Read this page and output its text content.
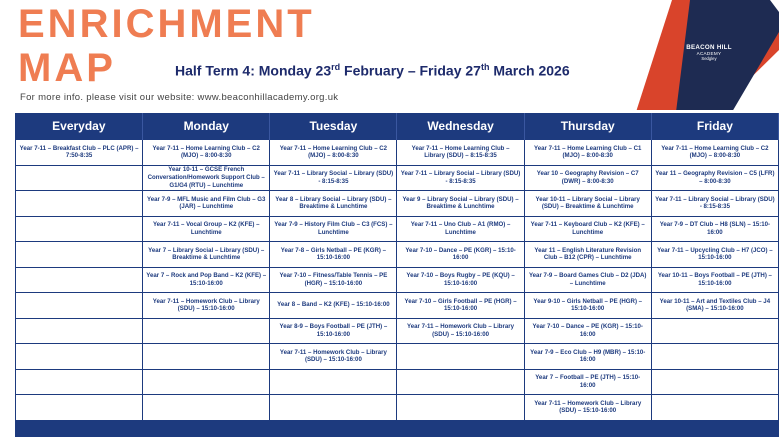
ENRICHMENT
MAP	Half Term 4: Monday 23rd February – Friday 27th March 2026
For more info. please visit our website: www.beaconhillacademy.org.uk
BEACON HILL
ACADEMY
Sedgley
Everyday	Monday	Tuesday	Wednesday	Thursday	Friday
Year 7-11 – Breakfast Club – PLC (APR) – 7:50-8:35	Year 7-11 – Home Learning Club – C2 (MJO) – 8:00-8:30	Year 7-11 – Home Learning Club – C2 (MJO) – 8:00-8:30	Year 7-11 – Home Learning Club – Library (SDU) – 8:15-8:35	Year 7-11 – Home Learning Club – C1 (MJO) – 8:00-8:30	Year 7-11 – Home Learning Club – C2 (MJO) – 8:00-8:30
	Year 10-11 – GCSE French Conversation/Homework Support Club – G1/G4 (RTU) – Lunchtime	Year 7-11 – Library Social – Library (SDU) - 8:15-8:35	Year 7-11 – Library Social – Library (SDU) - 8:15-8:35	Year 10 – Geography Revision – C7 (DWR) – 8:00-8:30	Year 11 – Geography Revision – C5 (LFR) – 8:00-8:30
	Year 7-9 – MFL Music and Film Club – G3 (JAR) – Lunchtime	Year 8 – Library Social – Library (SDU) – Breaktime & Lunchtime	Year 9 – Library Social – Library (SDU) – Breaktime & Lunchtime	Year 10-11 – Library Social – Library (SDU) – Breaktime & Lunchtime	Year 7-11 – Library Social – Library (SDU) - 8:15-8:35
	Year 7-11 – Vocal Group – K2 (KFE) – Lunchtime	Year 7-9 – History Film Club – C3 (FCS) – Lunchtime	Year 7-11 – Uno Club – A1 (RMO) – Lunchtime	Year 7-11 – Keyboard Club – K2 (KFE) – Lunchtime	Year 7-9 – DT Club – H8 (SLN) – 15:10-16:00
	Year 7 – Library Social – Library (SDU) – Breaktime & Lunchtime	Year 7-8 – Girls Netball – PE (KGR) – 15:10-16:00	Year 7-10 – Dance – PE (KGR) – 15:10-16:00	Year 11 – English Literature Revision Club – B12 (CPR) – Lunchtime	Year 7-11 – Upcycling Club – H7 (JCO) – 15:10-16:00
	Year 7 – Rock and Pop Band – K2 (KFE) – 15:10-16:00	Year 7-10 – Fitness/Table Tennis – PE (HGR) – 15:10-16:00	Year 7-10 – Boys Rugby – PE (KQU) – 15:10-16:00	Year 7-9 – Board Games Club – D2 (JDA) – Lunchtime	Year 10-11 – Boys Football – PE (JTH) – 15:10-16:00
	Year 7-11 – Homework Club – Library (SDU) – 15:10-16:00	Year 8 – Band – K2 (KFE) – 15:10-16:00	Year 7-10 – Girls Football – PE (HGR) – 15:10-16:00	Year 9-10 – Girls Netball – PE (HGR) – 15:10-16:00	Year 10-11 – Art and Textiles Club – J4 (SMA) – 15:10-16:00
		Year 8-9 – Boys Football – PE (JTH) – 15:10-16:00	Year 7-11 – Homework Club – Library (SDU) – 15:10-16:00	Year 7-10 – Dance – PE (KGR) – 15:10-16:00	
		Year 7-11 – Homework Club – Library (SDU) – 15:10-16:00		Year 7-9 – Eco Club – H9 (MBR) – 15:10-16:00	
				Year 7 – Football – PE (JTH) – 15:10-16:00	
				Year 7-11 – Homework Club – Library (SDU) – 15:10-16:00	
